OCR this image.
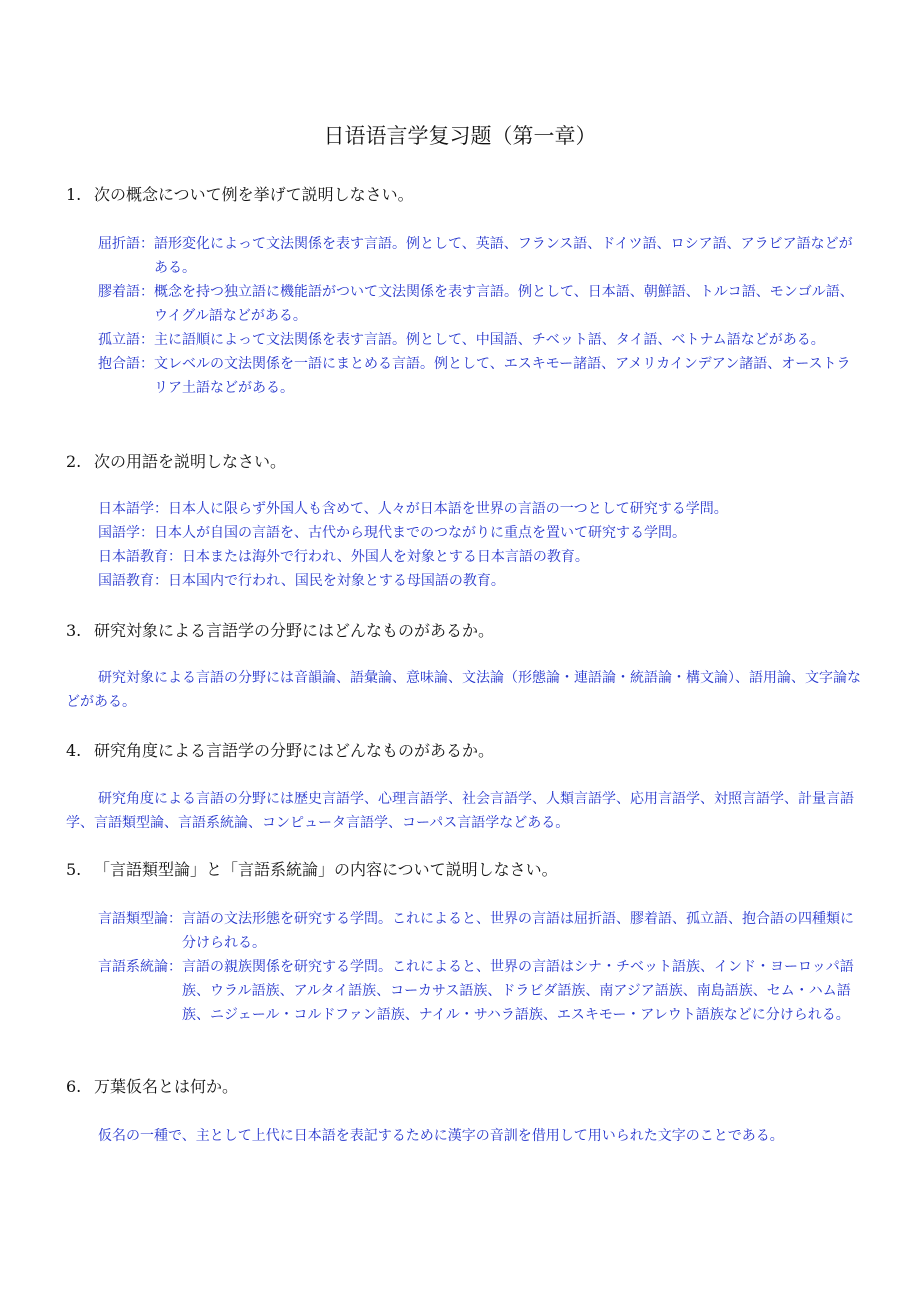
日语语言学复习题（第一章）
1. 次の概念について例を挙げて説明しなさい。
屈折語： 語形変化によって文法関係を表す言語。例として、英語、フランス語、ドイツ語、ロシア語、アラビア語などがある。
膠着語： 概念を持つ独立語に機能語がついて文法関係を表す言語。例として、日本語、朝鮮語、トルコ語、モンゴル語、ウイグル語などがある。
孤立語： 主に語順によって文法関係を表す言語。例として、中国語、チベット語、タイ語、ベトナム語などがある。
抱合語： 文レベルの文法関係を一語にまとめる言語。例として、エスキモー諸語、アメリカインデアン諸語、オーストラリア土語などがある。
2. 次の用語を説明しなさい。
日本語学：日本人に限らず外国人も含めて、人々が日本語を世界の言語の一つとして研究する学問。
国語学：日本人が自国の言語を、古代から現代までのつながりに重点を置いて研究する学問。
日本語教育：日本または海外で行われ、外国人を対象とする日本言語の教育。
国語教育：日本国内で行われ、国民を対象とする母国語の教育。
3. 研究対象による言語学の分野にはどんなものがあるか。
研究対象による言語の分野には音韻論、語彙論、意味論、文法論（形態論・連語論・統語論・構文論）、語用論、文字論などがある。
4. 研究角度による言語学の分野にはどんなものがあるか。
研究角度による言語の分野には歴史言語学、心理言語学、社会言語学、人類言語学、応用言語学、対照言語学、計量言語学、言語類型論、言語系統論、コンピュータ言語学、コーパス言語学などある。
5. 「言語類型論」と「言語系統論」の内容について説明しなさい。
言語類型論： 言語の文法形態を研究する学問。これによると、世界の言語は屈折語、膠着語、孤立語、抱合語の四種類に分けられる。
言語系統論： 言語の親族関係を研究する学問。これによると、世界の言語はシナ・チベット語族、インド・ヨーロッパ語族、ウラル語族、アルタイ語族、コーカサス語族、ドラビダ語族、南アジア語族、南島語族、セム・ハム語族、ニジェール・コルドファン語族、ナイル・サハラ語族、エスキモー・アレウト語族などに分けられる。
6. 万葉仮名とは何か。
仮名の一種で、主として上代に日本語を表記するために漢字の音訓を借用して用いられた文字のことである。
